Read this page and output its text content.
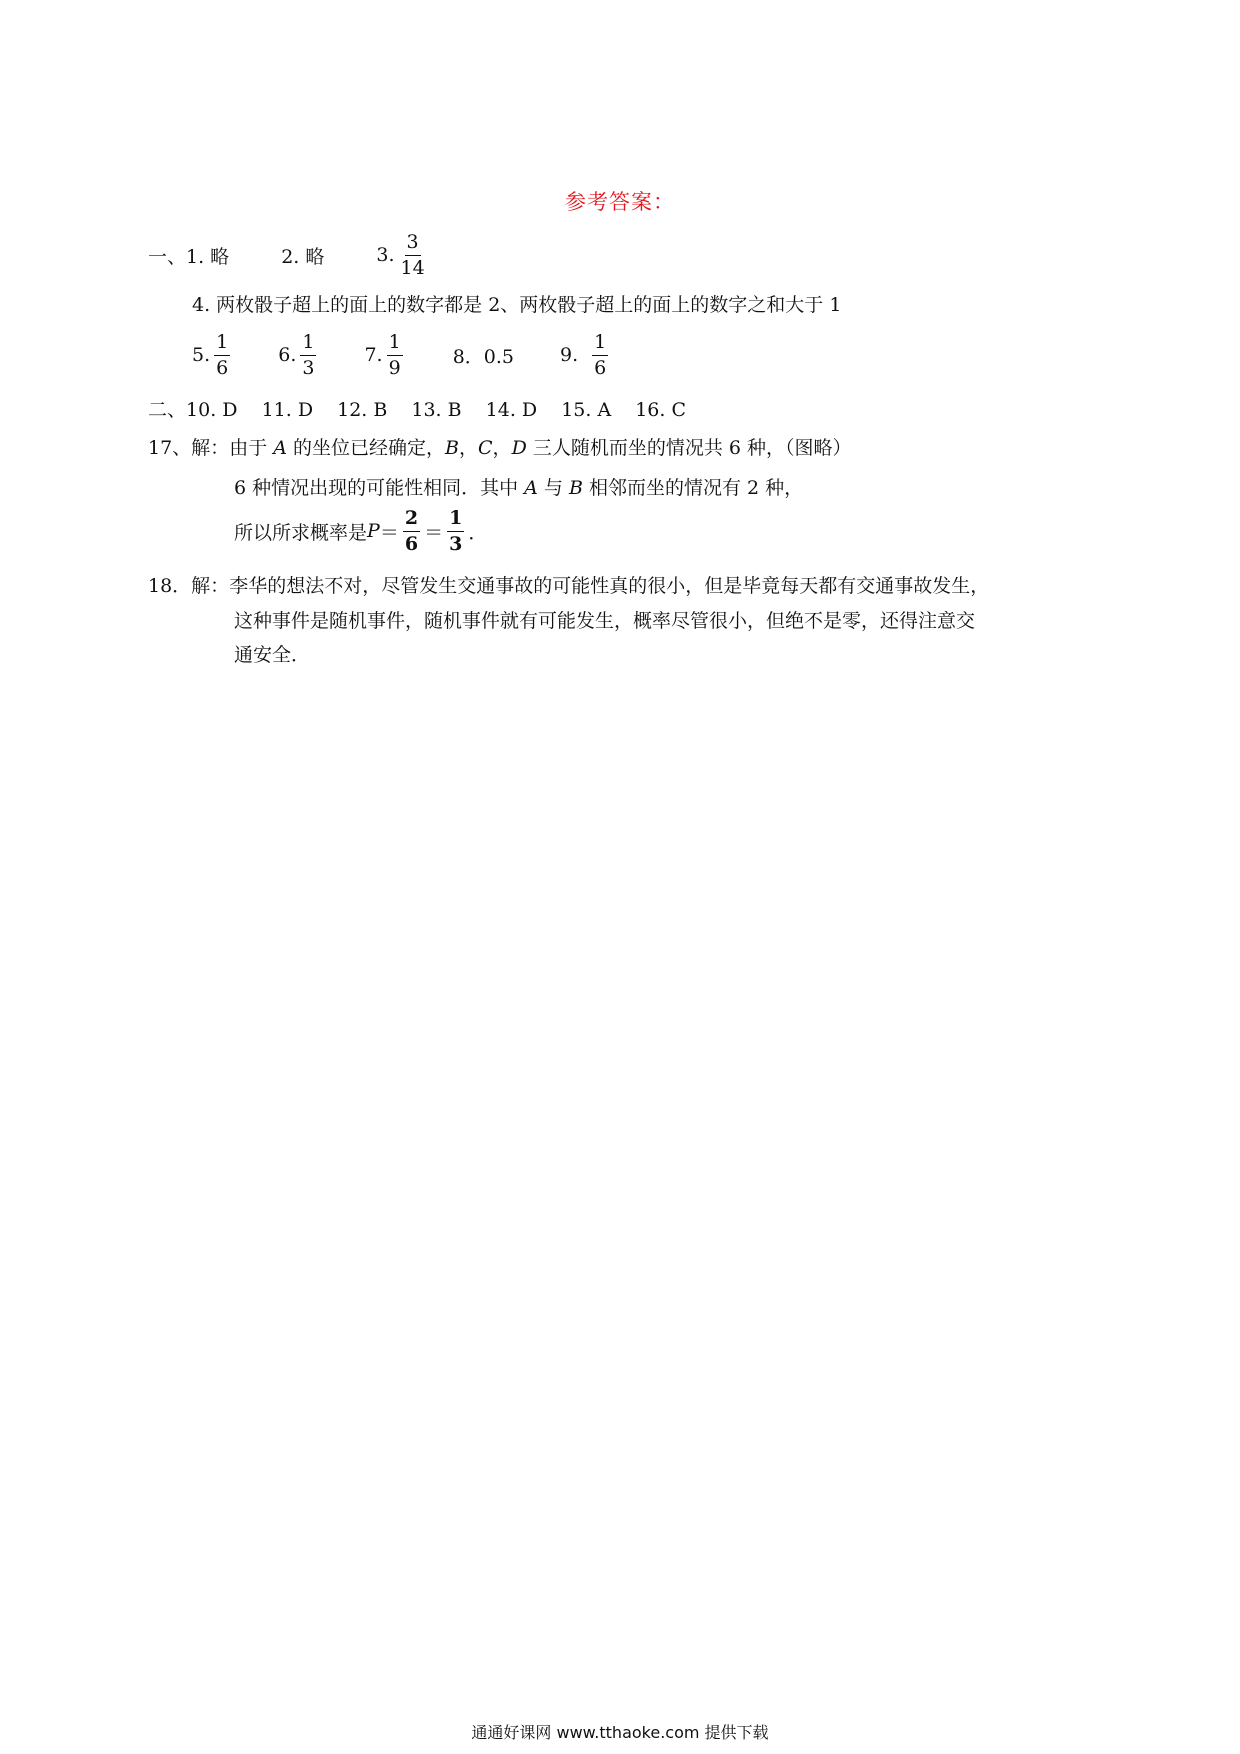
参考答案：
一、 1. 略	2. 略	3. $\frac{3}{14}$
4. 两枚骰子超上的面上的数字都是 2、两枚骰子超上的面上的数字之和大于 1
5. $\frac{1}{6}$	6. $\frac{1}{3}$	7. $\frac{1}{9}$	8．0.5 9. $\frac{1}{6}$
二、10. D 11. D 12. B 13. B 14. D 15. A 16. C
17、解：由于 A 的坐位已经确定，B，C，D 三人随机而坐的情况共 6 种，（图略）
6 种情况出现的可能性相同．其中 A 与 B 相邻而坐的情况有 2 种，
所以所求概率是 $P = \frac{2}{6} = \frac{1}{3}$ ．
18．解：李华的想法不对，尽管发生交通事故的可能性真的很小，但是毕竟每天都有交通事故发生，
这种事件是随机事件，随机事件就有可能发生，概率尽管很小，但绝不是零，还得注意交
通安全．
通通好课网 www.tthaoke.com 提供下载
